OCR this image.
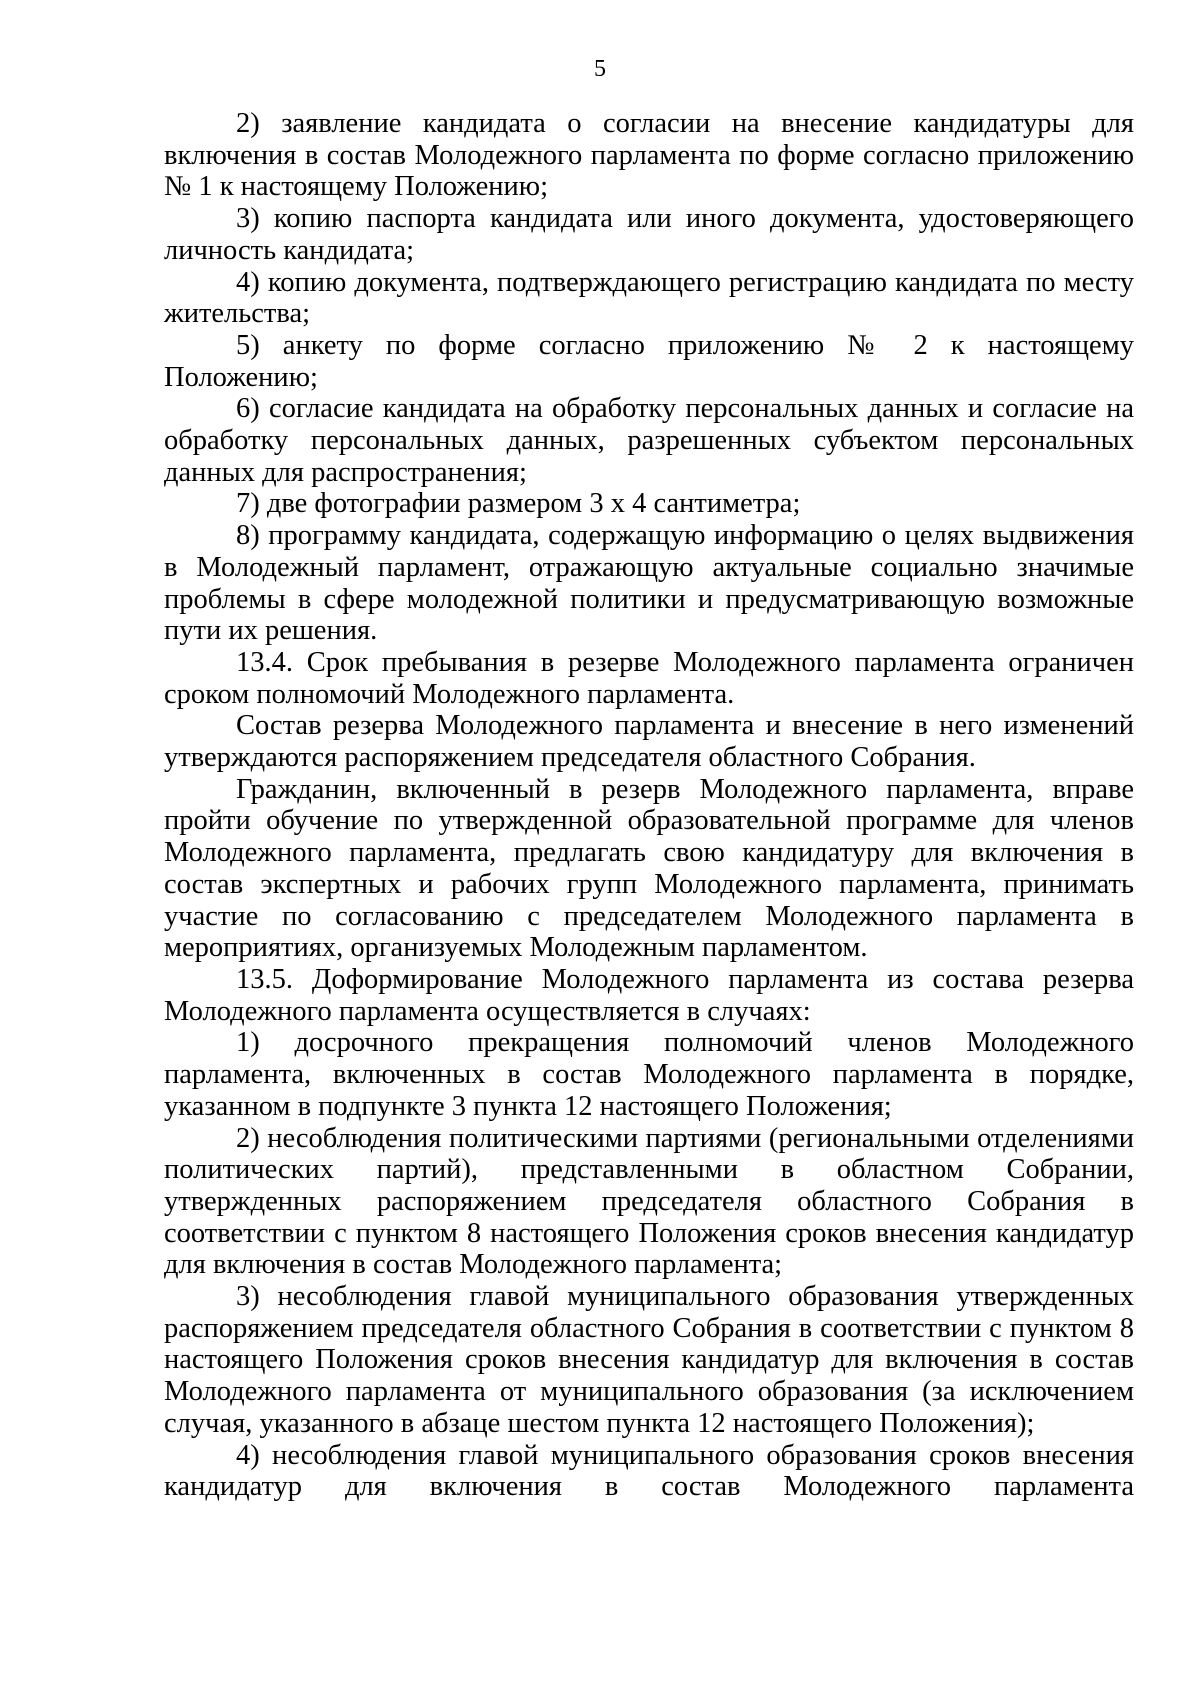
5

2) заявление кандидата о согласии на внесение кандидатуры для включения в состав Молодежного парламента по форме согласно приложению № 1 к настоящему Положению;

3) копию паспорта кандидата или иного документа, удостоверяющего личность кандидата;

4) копию документа, подтверждающего регистрацию кандидата по месту жительства;

5) анкету по форме согласно приложению № 2 к настоящему Положению;

6) согласие кандидата на обработку персональных данных и согласие на обработку персональных данных, разрешенных субъектом персональных данных для распространения;

7) две фотографии размером 3 х 4 сантиметра;

8) программу кандидата, содержащую информацию о целях выдвижения в Молодежный парламент, отражающую актуальные социально значимые проблемы в сфере молодежной политики и предусматривающую возможные пути их решения.

13.4. Срок пребывания в резерве Молодежного парламента ограничен сроком полномочий Молодежного парламента.

Состав резерва Молодежного парламента и внесение в него изменений утверждаются распоряжением председателя областного Собрания.

Гражданин, включенный в резерв Молодежного парламента, вправе пройти обучение по утвержденной образовательной программе для членов Молодежного парламента, предлагать свою кандидатуру для включения в состав экспертных и рабочих групп Молодежного парламента, принимать участие по согласованию с председателем Молодежного парламента в мероприятиях, организуемых Молодежным парламентом.

13.5. Доформирование Молодежного парламента из состава резерва Молодежного парламента осуществляется в случаях:

1) досрочного прекращения полномочий членов Молодежного парламента, включенных в состав Молодежного парламента в порядке, указанном в подпункте 3 пункта 12 настоящего Положения;

2) несоблюдения политическими партиями (региональными отделениями политических партий), представленными в областном Собрании, утвержденных распоряжением председателя областного Собрания в соответствии с пунктом 8 настоящего Положения сроков внесения кандидатур для включения в состав Молодежного парламента;

3) несоблюдения главой муниципального образования утвержденных распоряжением председателя областного Собрания в соответствии с пунктом 8 настоящего Положения сроков внесения кандидатур для включения в состав Молодежного парламента от муниципального образования (за исключением случая, указанного в абзаце шестом пункта 12 настоящего Положения);

4) несоблюдения главой муниципального образования сроков внесения кандидатур для включения в состав Молодежного парламента
